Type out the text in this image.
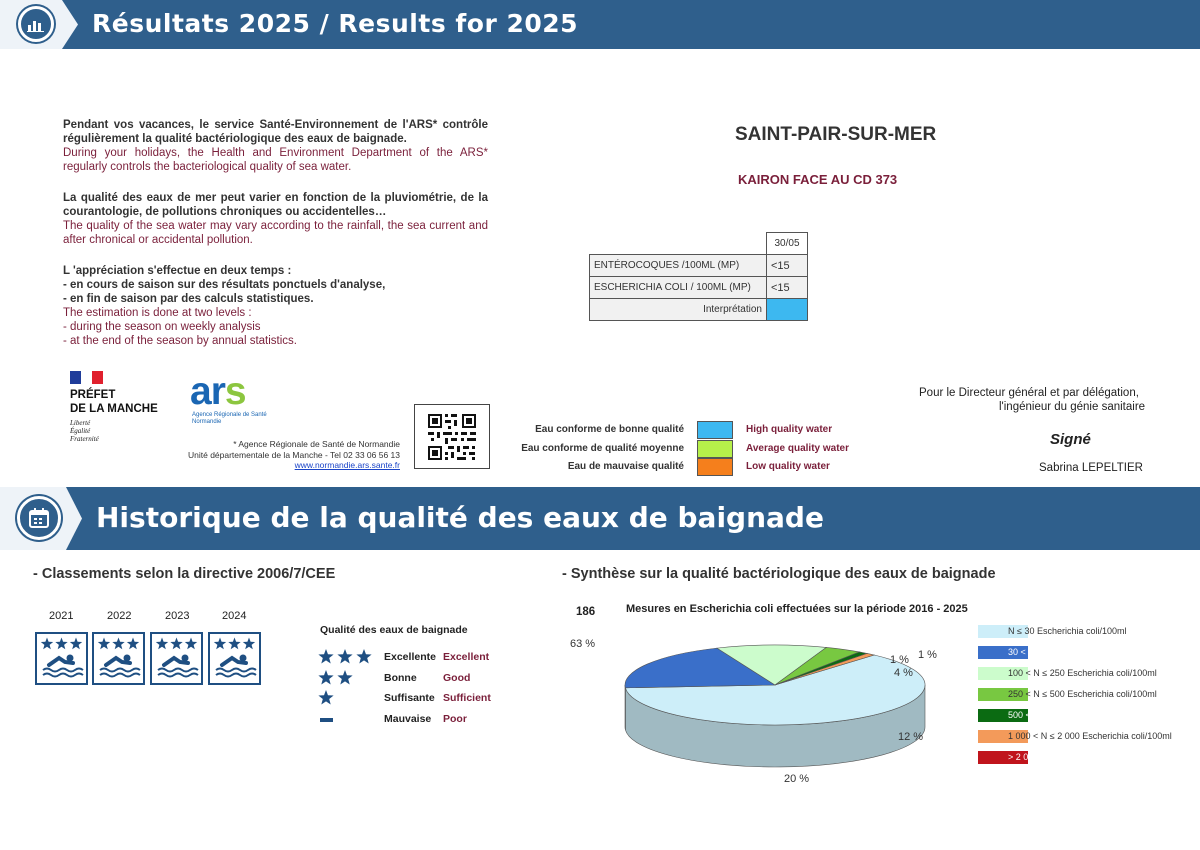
Résultats 2025 / Results for 2025

Pendant vos vacances, le service Santé-Environnement de l'ARS* contrôle régulièrement la qualité bactériologique des eaux de baignade.

During your holidays, the Health and Environment Department of the ARS* regularly controls the bacteriological quality of sea water.

La qualité des eaux de mer peut varier en fonction de la pluviométrie, de la courantologie, de pollutions chroniques ou accidentelles…

The quality of the sea water may vary according to the rainfall, the sea current and after chronical or accidental pollution.

L 'appréciation s'effectue en deux temps :

- en cours de saison sur des résultats ponctuels d'analyse,
- en fin de saison par des calculs statistiques.

The estimation is done at two levels :

- during the season on weekly analysis
- at the end of the season by annual statistics.
SAINT-PAIR-SUR-MER
KAIRON FACE AU CD 373
	30/05
ENTÉROCOQUES /100ML (MP)	<15
ESCHERICHIA COLI / 100ML (MP)	<15
Interprétation	
PRÉFET
DE LA MANCHE
Liberté
Égalité
Fraternité
ars
Agence Régionale de Santé
Normandie
* Agence Régionale de Santé de Normandie
Unité départementale de la Manche - Tel 02 33 06 56 13
www.normandie.ars.sante.fr
Eau conforme de bonne qualité	High quality water
Eau conforme de qualité moyenne	Average quality water
Eau de mauvaise qualité	Low quality water
Pour le Directeur général et par délégation,
l'ingénieur du génie sanitaire
Signé
Sabrina LEPELTIER
Historique de la qualité des eaux de baignade
- Classements selon la directive 2006/7/CEE	- Synthèse sur la qualité bactériologique des eaux de baignade
2021	2022	2023	2024
Qualité des eaux de baignade
Excellente Excellent
Bonne	Good
Suffisante Sufficient
Mauvaise Poor
186	Mesures en Escherichia coli effectuées sur la période 2016 - 2025
63 %
20 %
12 %
4 %
1 % 1 %
N ≤ 30 Escherichia coli/100ml
30 < N ≤ 100 Escherichia coli/100ml
100 < N ≤ 250 Escherichia coli/100ml
250 < N ≤ 500 Escherichia coli/100ml
500 < N ≤ 1 000 Escherichia coli/100ml
1 000 < N ≤ 2 000 Escherichia coli/100ml
> 2 000 Escherichia coli/100ml
